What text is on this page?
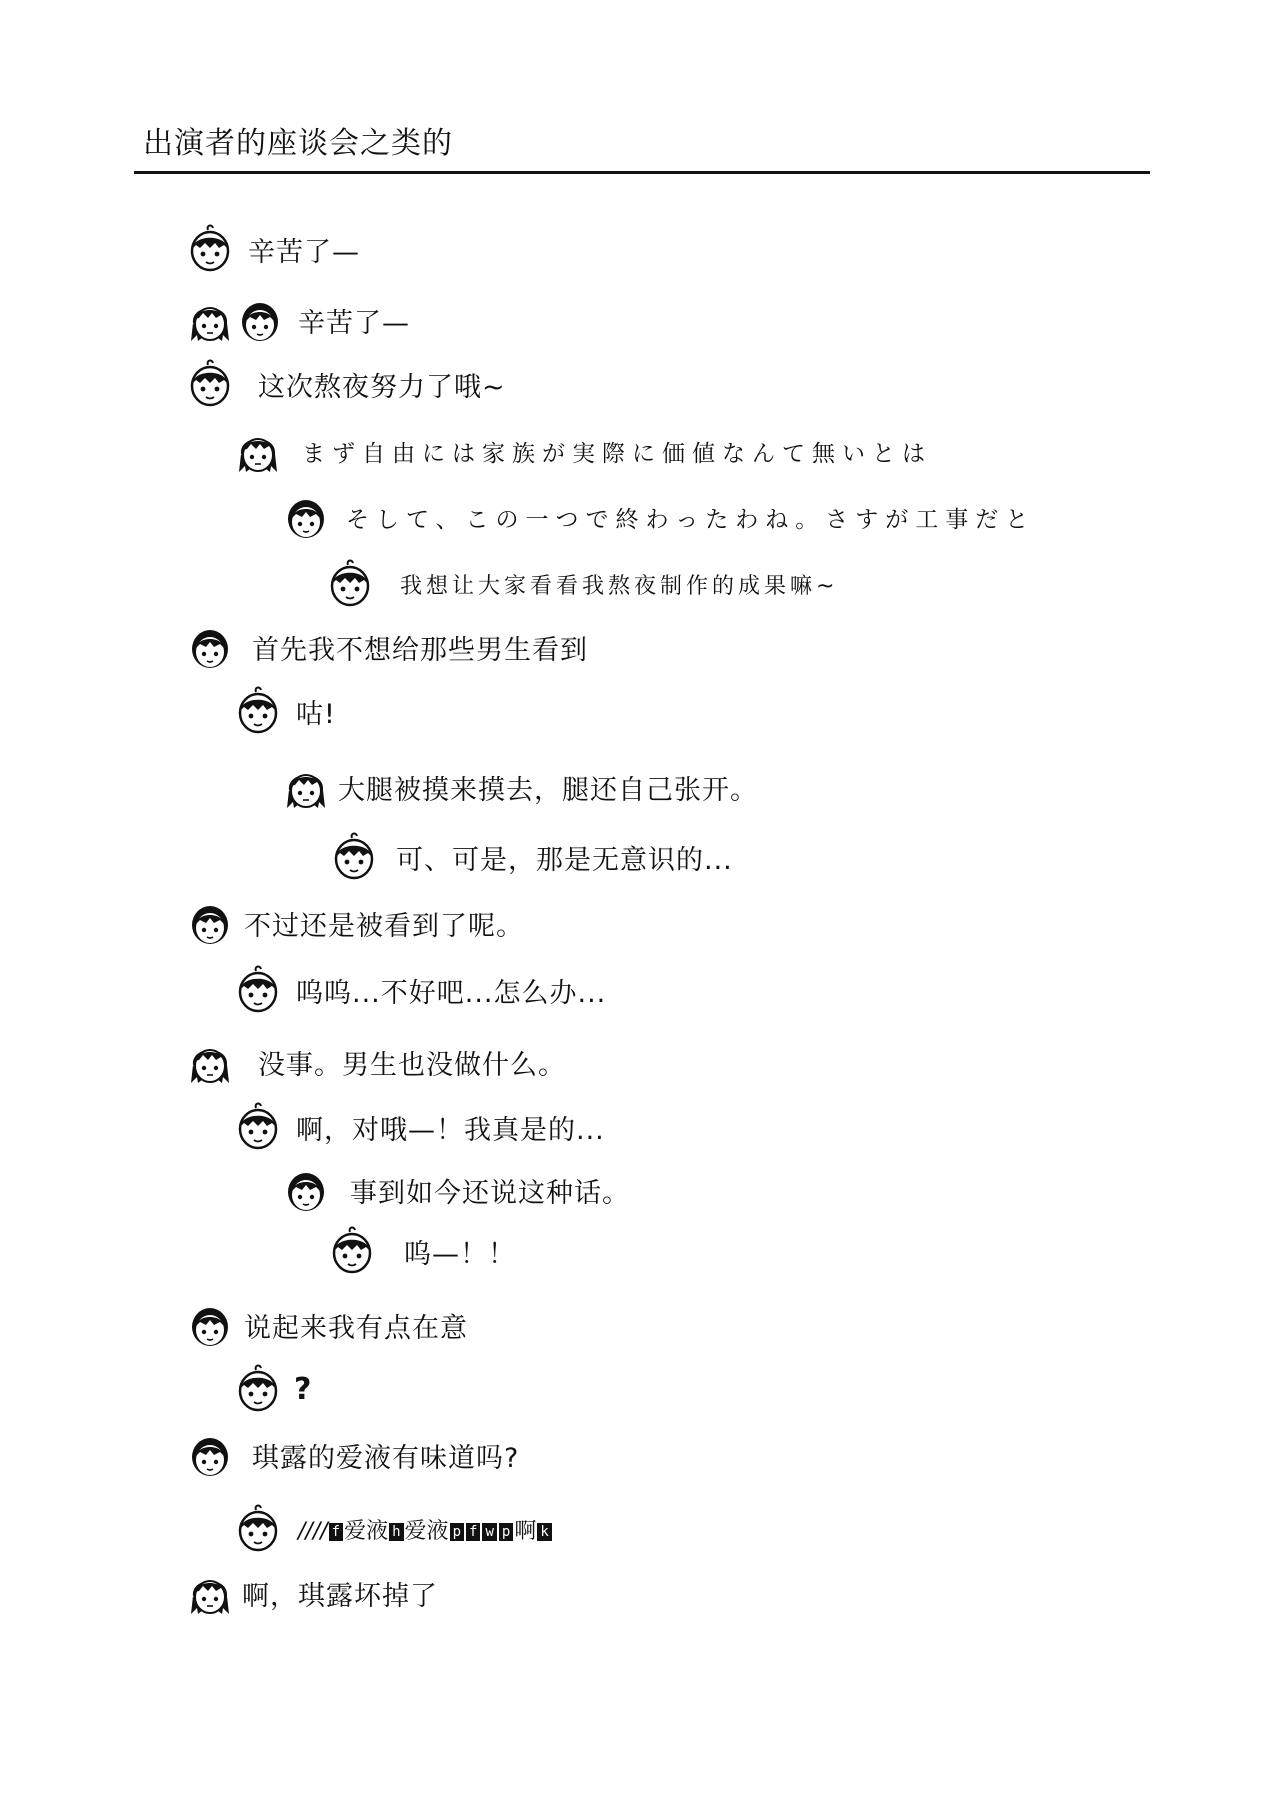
出演者的座谈会之类的
辛苦了—
辛苦了—
这次熬夜努力了哦~
まず自由には家族が実際に価値なんて無いとは
そして、この一つで終わったわね。さすが工事だと
我想让大家看看我熬夜制作的成果嘛~
首先我不想给那些男生看到
咕!
大腿被摸来摸去，腿还自己张开。
可、可是，那是无意识的...
不过还是被看到了呢。
呜呜...不好吧...怎么办...
没事。男生也没做什么。
啊，对哦—！我真是的...
事到如今还说这种话。
呜—！！
说起来我有点在意
?
琪露的爱液有味道吗?
//// f 爱液 h 爱液 p f w p 啊 k
啊，琪露坏掉了
